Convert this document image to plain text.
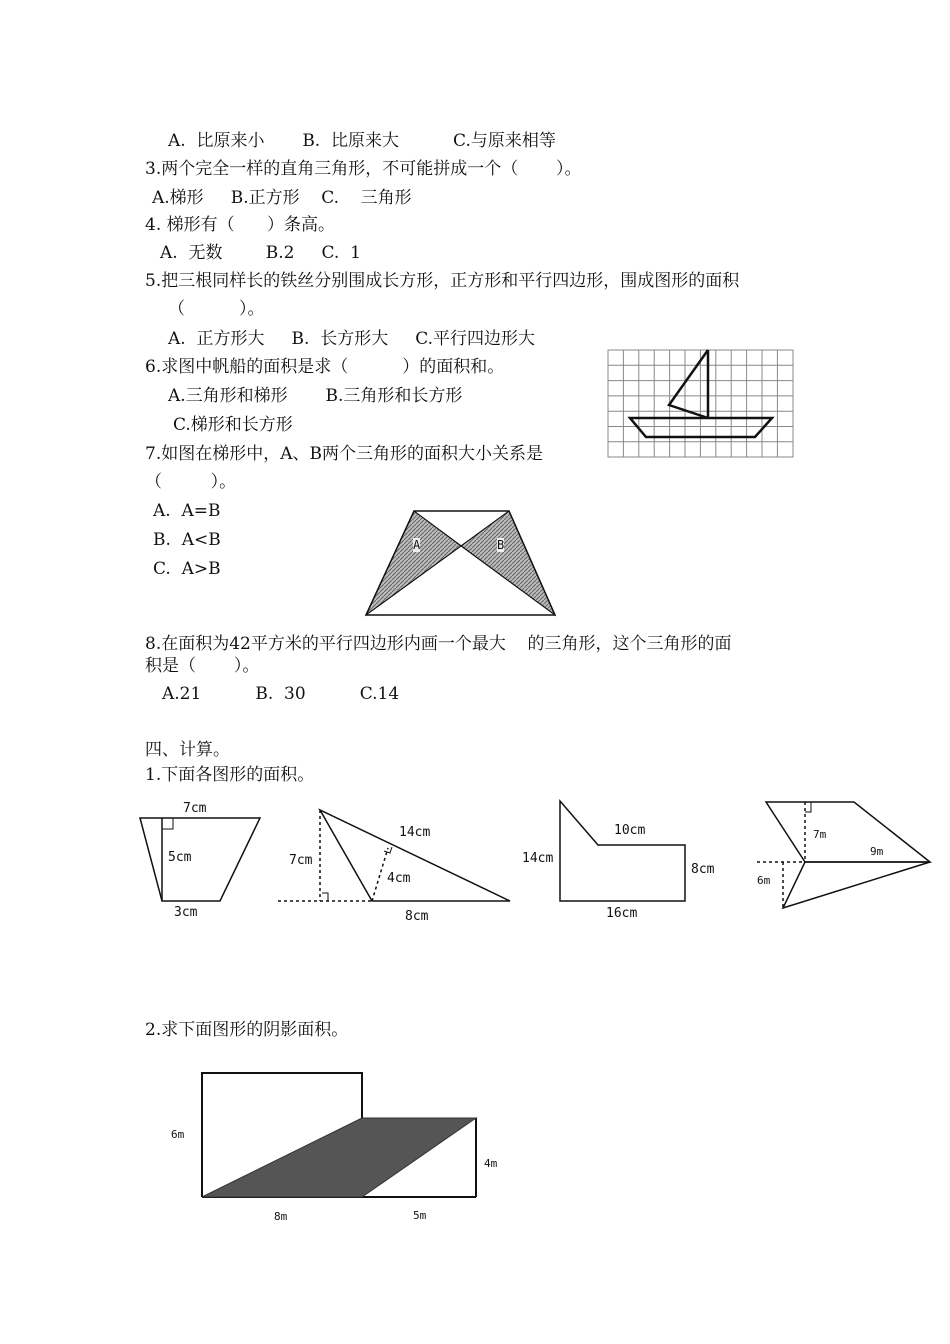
A.  比原来小       B.  比原来大          C.与原来相等
3.两个完全一样的直角三角形，不可能拼成一个（       ）。
A.梯形     B.正方形    C.    三角形
4. 梯形有（      ）条高。
A.  无数        B.2     C.  1
5.把三根同样长的铁丝分别围成长方形，正方形和平行四边形，围成图形的面积
（          ）。
A.  正方形大     B.  长方形大     C.平行四边形大
6.求图中帆船的面积是求（          ）的面积和。
A.三角形和梯形       B.三角形和长方形
C.梯形和长方形
7.如图在梯形中，A、B两个三角形的面积大小关系是
（         ）。
A.  A=B
B.  A<B
C.  A>B
8.在面积为42平方米的平行四边形内画一个最大    的三角形，这个三角形的面
积是（       ）。
A.21          B.  30          C.14
四、计算。
1.下面各图形的面积。
2.求下面图形的阴影面积。
A	B
7cm
5cm
3cm
14cm
7cm
4cm
8cm
14cm
10cm
8cm
16cm
7m
9m
6m
6m
4m
8m	5m
